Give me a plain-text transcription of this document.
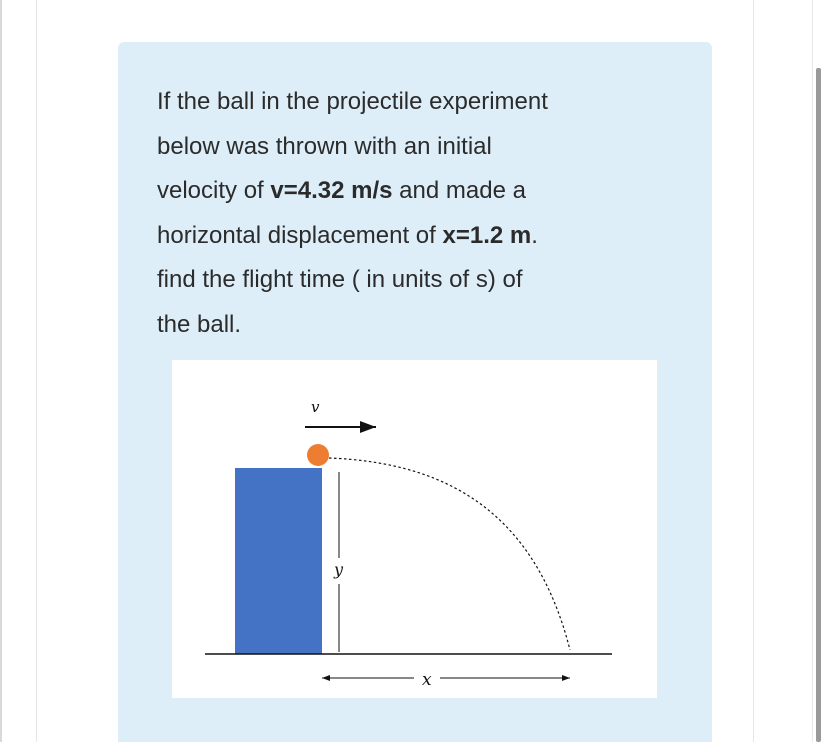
If the ball in the projectile experiment
below was thrown with an initial
velocity of v=4.32 m/s and made a
horizontal displacement of x=1.2 m.
find the flight time ( in units of s) of
the ball.

v
y
x
